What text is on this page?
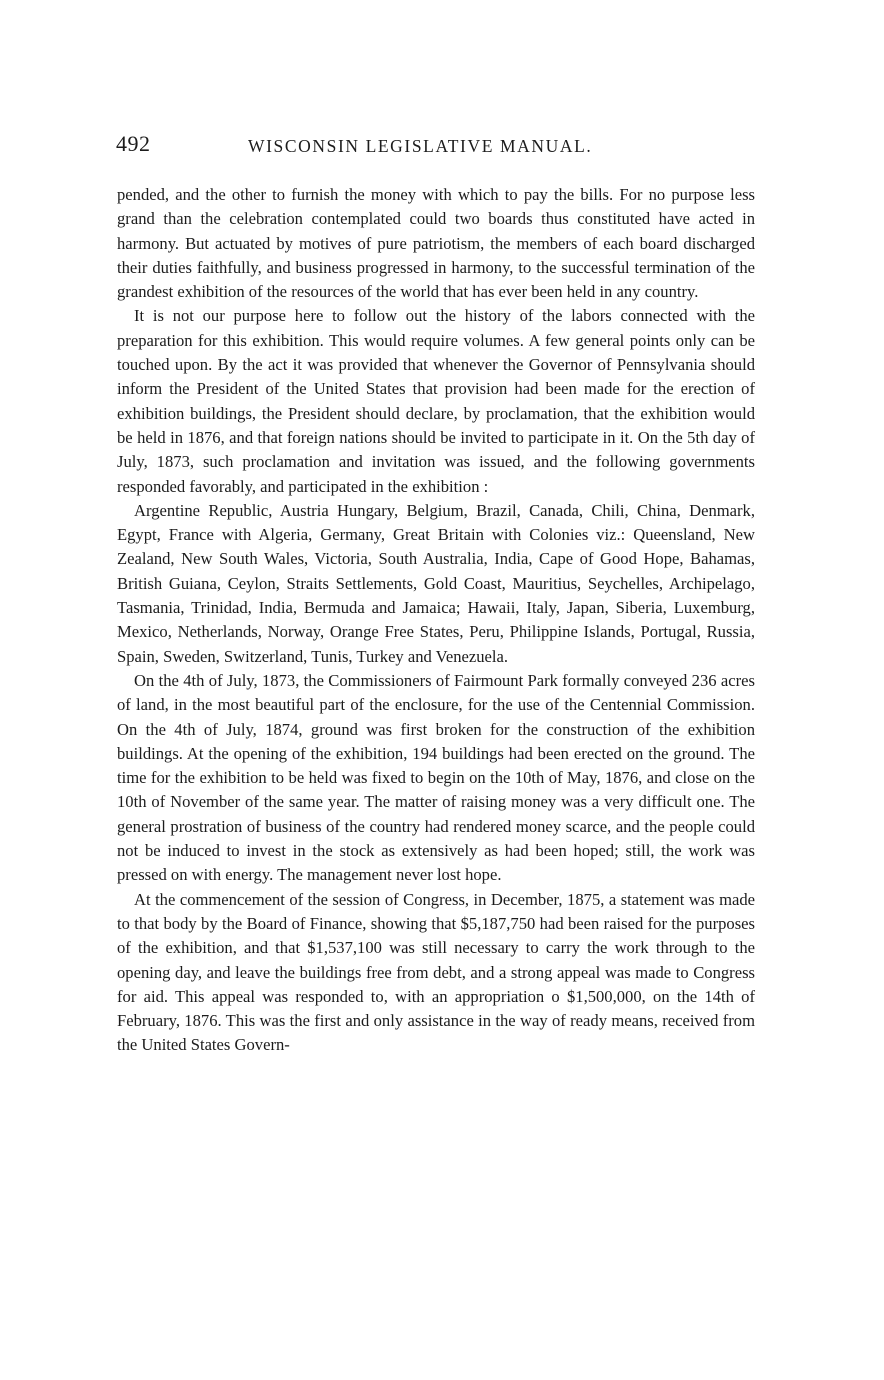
492	WISCONSIN LEGISLATIVE MANUAL.

pended, and the other to furnish the money with which to pay the bills. For no purpose less grand than the celebration contemplated could two boards thus constituted have acted in harmony. But actuated by motives of pure patriotism, the members of each board discharged their duties faithfully, and business progressed in harmony, to the successful termination of the grandest exhibition of the resources of the world that has ever been held in any country.

It is not our purpose here to follow out the history of the labors connected with the preparation for this exhibition. This would require volumes. A few general points only can be touched upon. By the act it was provided that whenever the Governor of Pennsylvania should inform the President of the United States that provision had been made for the erection of exhibition buildings, the President should declare, by proclamation, that the exhibition would be held in 1876, and that foreign nations should be invited to participate in it. On the 5th day of July, 1873, such proclamation and invitation was issued, and the following governments responded favorably, and participated in the exhibition :

Argentine Republic, Austria Hungary, Belgium, Brazil, Canada, Chili, China, Denmark, Egypt, France with Algeria, Germany, Great Britain with Colonies viz.: Queensland, New Zealand, New South Wales, Victoria, South Australia, India, Cape of Good Hope, Bahamas, British Guiana, Ceylon, Straits Settlements, Gold Coast, Mauritius, Seychelles, Archipelago, Tasmania, Trinidad, India, Bermuda and Jamaica; Hawaii, Italy, Japan, Siberia, Luxemburg, Mexico, Netherlands, Norway, Orange Free States, Peru, Philippine Islands, Portugal, Russia, Spain, Sweden, Switzerland, Tunis, Turkey and Venezuela.

On the 4th of July, 1873, the Commissioners of Fairmount Park formally conveyed 236 acres of land, in the most beautiful part of the enclosure, for the use of the Centennial Commission. On the 4th of July, 1874, ground was first broken for the construction of the exhibition buildings. At the opening of the exhibition, 194 buildings had been erected on the ground. The time for the exhibition to be held was fixed to begin on the 10th of May, 1876, and close on the 10th of November of the same year. The matter of raising money was a very difficult one. The general prostration of business of the country had rendered money scarce, and the people could not be induced to invest in the stock as extensively as had been hoped; still, the work was pressed on with energy. The management never lost hope.

At the commencement of the session of Congress, in December, 1875, a statement was made to that body by the Board of Finance, showing that $5,187,750 had been raised for the purposes of the exhibition, and that $1,537,100 was still necessary to carry the work through to the opening day, and leave the buildings free from debt, and a strong appeal was made to Congress for aid. This appeal was responded to, with an appropriation o $1,500,000, on the 14th of February, 1876. This was the first and only assistance in the way of ready means, received from the United States Govern-
